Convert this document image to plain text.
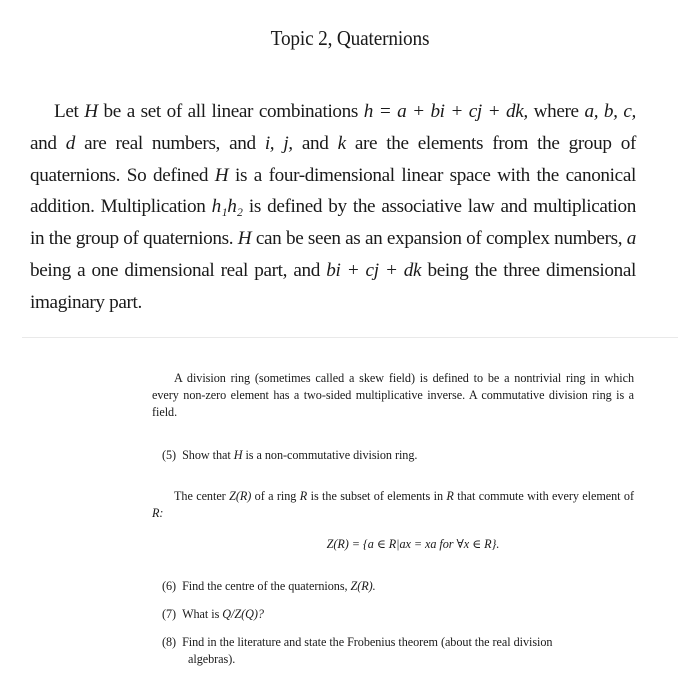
Topic 2, Quaternions
Let H be a set of all linear combinations h = a + bi + cj + dk, where a, b, c, and d are real numbers, and i, j, and k are the elements from the group of quaternions. So defined H is a four-dimensional linear space with the canonical addition. Multiplication h₁h₂ is defined by the associative law and multiplication in the group of quaternions. H can be seen as an expansion of complex numbers, a being a one dimensional real part, and bi + cj + dk being the three dimensional imaginary part.

A division ring (sometimes called a skew field) is defined to be a nontrivial ring in which every non-zero element has a two-sided multiplicative inverse. A commutative division ring is a field.

(5) Show that H is a non-commutative division ring.

The center Z(R) of a ring R is the subset of elements in R that commute with every element of R:

Z(R) = {a ∈ R|ax = xa for ∀x ∈ R}.

(6) Find the centre of the quaternions, Z(R).

(7) What is Q/Z(Q)?

(8) Find in the literature and state the Frobenius theorem (about the real division
algebras).
